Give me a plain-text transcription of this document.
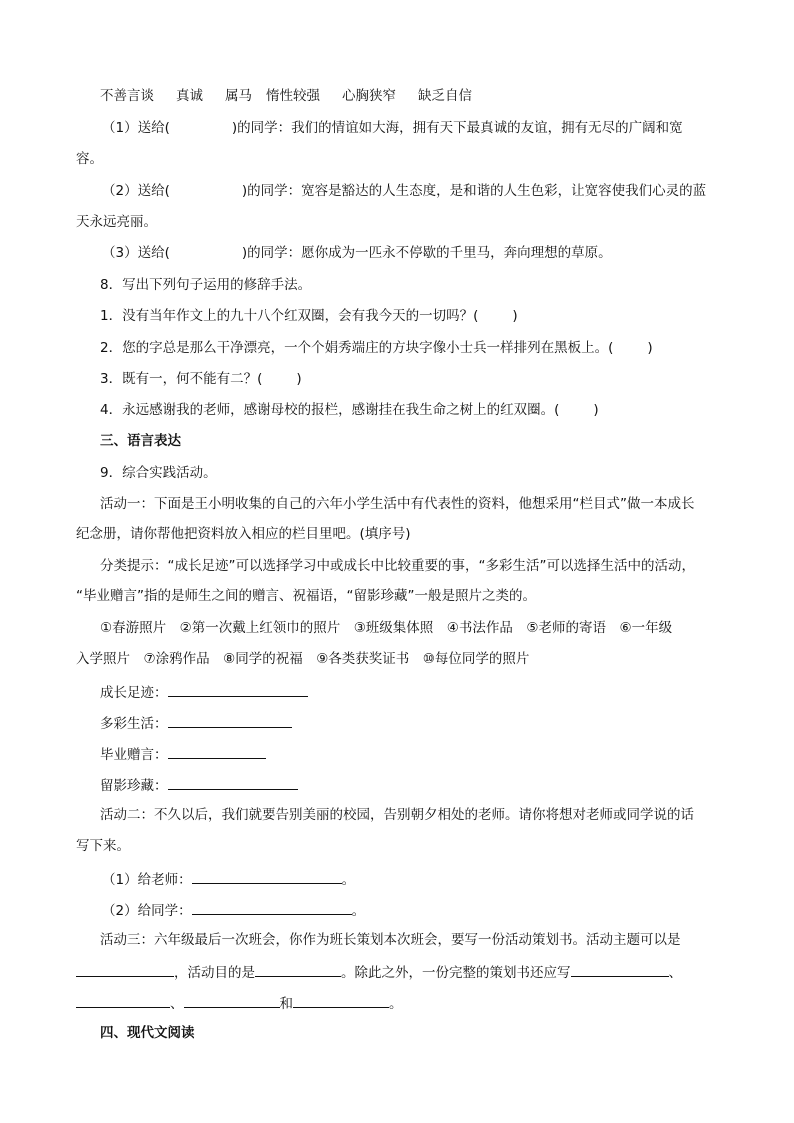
不善言谈 真诚 属马 惰性较强 心胸狭窄 缺乏自信
（1）送给(	)的同学：我们的情谊如大海，拥有天下最真诚的友谊，拥有无尽的广阔和宽
容。
（2）送给(	)的同学：宽容是豁达的人生态度，是和谐的人生色彩，让宽容使我们心灵的蓝
天永远亮丽。
（3）送给(	)的同学：愿你成为一匹永不停歇的千里马，奔向理想的草原。
8．写出下列句子运用的修辞手法。
1．没有当年作文上的九十八个红双圈，会有我今天的一切吗？(	)
2．您的字总是那么干净漂亮，一个个娟秀端庄的方块字像小士兵一样排列在黑板上。(	)
3．既有一，何不能有二？(	)
4．永远感谢我的老师，感谢母校的报栏，感谢挂在我生命之树上的红双圈。(	)
三、语言表达
9．综合实践活动。
活动一：下面是王小明收集的自己的六年小学生活中有代表性的资料，他想采用“栏目式”做一本成长
纪念册，请你帮他把资料放入相应的栏目里吧。(填序号)
分类提示：“成长足迹”可以选择学习中或成长中比较重要的事，“多彩生活”可以选择生活中的活动，
“毕业赠言”指的是师生之间的赠言、祝福语，“留影珍藏”一般是照片之类的。
①春游照片　②第一次戴上红领巾的照片　③班级集体照　④书法作品　⑤老师的寄语　⑥一年级
入学照片　⑦涂鸦作品　⑧同学的祝福　⑨各类获奖证书　⑩每位同学的照片
成长足迹：
多彩生活：
毕业赠言：
留影珍藏：
活动二：不久以后，我们就要告别美丽的校园，告别朝夕相处的老师。请你将想对老师或同学说的话
写下来。
（1）给老师：	。
（2）给同学：	。
活动三：六年级最后一次班会，你作为班长策划本次班会，要写一份活动策划书。活动主题可以是
，活动目的是	。除此之外，一份完整的策划书还应写	、
、	和	。
四、现代文阅读
